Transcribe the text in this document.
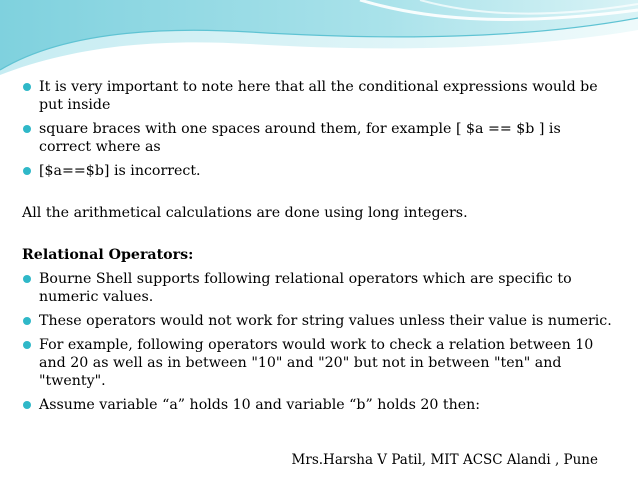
It is very important to note here that all the conditional expressions would be put inside
square braces with one spaces around them, for example [ $a == $b ] is correct where as
[$a==$b] is incorrect.
All the arithmetical calculations are done using long integers.
Relational Operators:
Bourne Shell supports following relational operators which are specific to numeric values.
These operators would not work for string values unless their value is numeric.
For example, following operators would work to check a relation between 10 and 20 as well as in between "10" and "20" but not in between "ten" and "twenty".
Assume variable “a” holds 10 and variable “b” holds 20 then:
Mrs.Harsha V Patil, MIT ACSC Alandi , Pune
